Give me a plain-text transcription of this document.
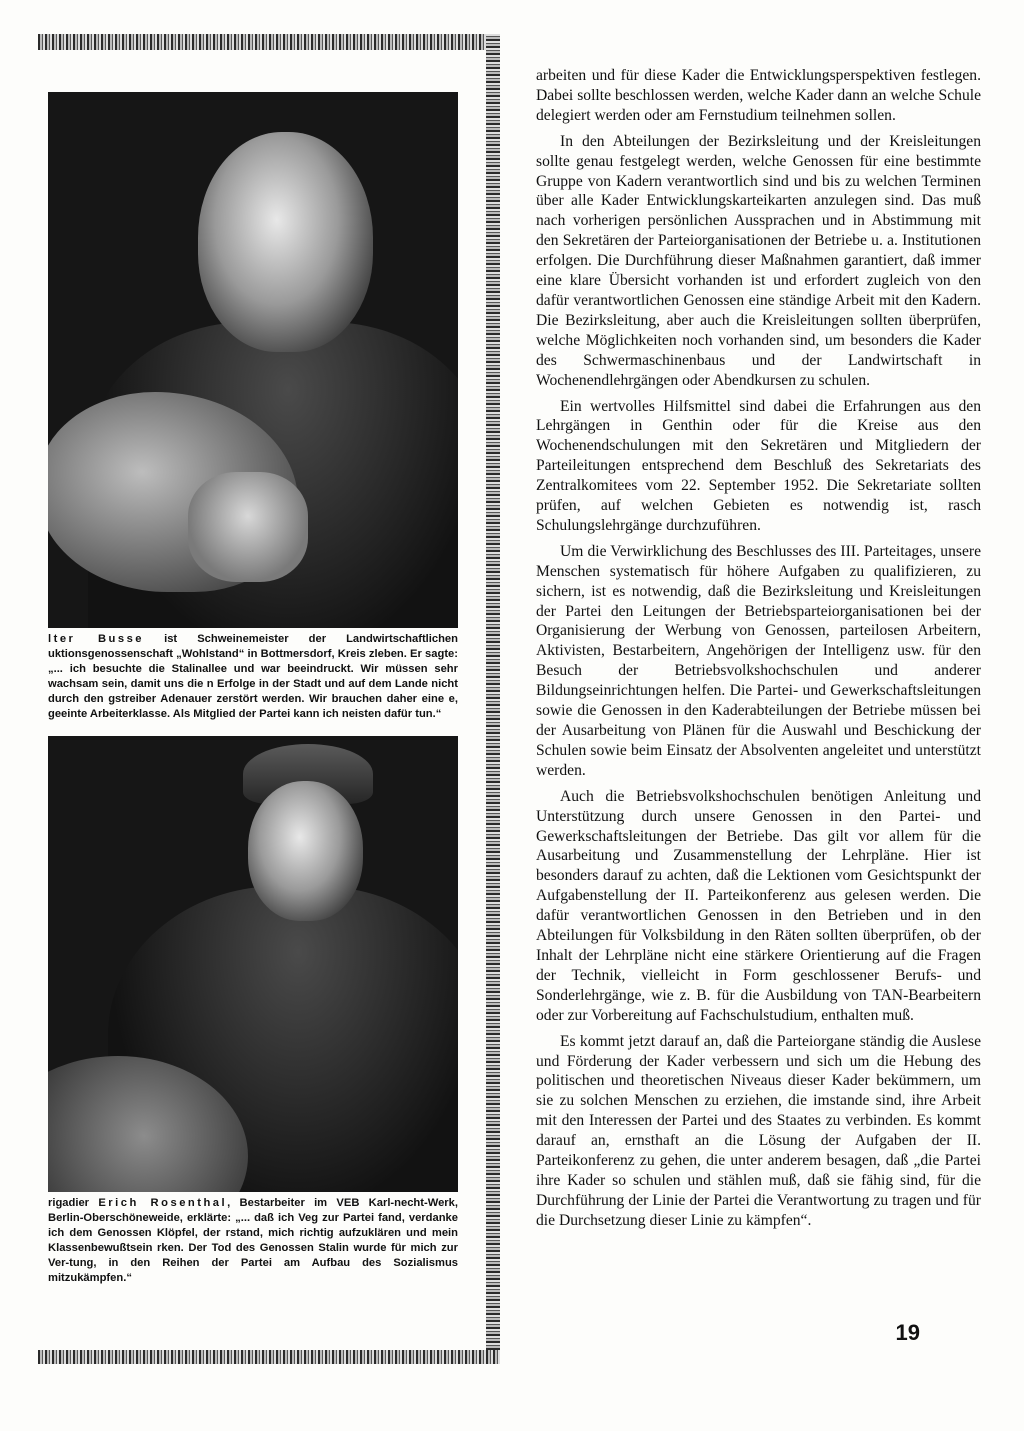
lter Busse ist Schweinemeister der Landwirtschaftlichen uktionsgenossenschaft „Wohlstand“ in Bottmersdorf, Kreis zleben. Er sagte: „... ich besuchte die Stalinallee und war beeindruckt. Wir müssen sehr wachsam sein, damit uns die n Erfolge in der Stadt und auf dem Lande nicht durch den gstreiber Adenauer zerstört werden. Wir brauchen daher eine e, geeinte Arbeiterklasse. Als Mitglied der Partei kann ich neisten dafür tun.“
rigadier Erich Rosenthal, Bestarbeiter im VEB Karl-necht-Werk, Berlin-Oberschöneweide, erklärte: „... daß ich Veg zur Partei fand, verdanke ich dem Genossen Klöpfel, der rstand, mich richtig aufzuklären und mein Klassenbewußtsein rken. Der Tod des Genossen Stalin wurde für mich zur Ver-tung, in den Reihen der Partei am Aufbau des Sozialismus mitzukämpfen.“

arbeiten und für diese Kader die Entwicklungsperspektiven festlegen. Dabei sollte beschlossen werden, welche Kader dann an welche Schule delegiert werden oder am Fernstudium teilnehmen sollen.

In den Abteilungen der Bezirksleitung und der Kreisleitungen sollte genau festgelegt werden, welche Genossen für eine bestimmte Gruppe von Kadern verantwortlich sind und bis zu welchen Terminen über alle Kader Entwicklungskarteikarten anzulegen sind. Das muß nach vorherigen persönlichen Aussprachen und in Abstimmung mit den Sekretären der Parteiorganisationen der Betriebe u. a. Institutionen erfolgen. Die Durchführung dieser Maßnahmen garantiert, daß immer eine klare Übersicht vorhanden ist und erfordert zugleich von den dafür verantwortlichen Genossen eine ständige Arbeit mit den Kadern. Die Bezirksleitung, aber auch die Kreisleitungen sollten überprüfen, welche Möglichkeiten noch vorhanden sind, um besonders die Kader des Schwermaschinenbaus und der Landwirtschaft in Wochenendlehrgängen oder Abendkursen zu schulen.

Ein wertvolles Hilfsmittel sind dabei die Erfahrungen aus den Lehrgängen in Genthin oder für die Kreise aus den Wochenendschulungen mit den Sekretären und Mitgliedern der Parteileitungen entsprechend dem Beschluß des Sekretariats des Zentralkomitees vom 22. September 1952. Die Sekretariate sollten prüfen, auf welchen Gebieten es notwendig ist, rasch Schulungslehrgänge durchzuführen.

Um die Verwirklichung des Beschlusses des III. Parteitages, unsere Menschen systematisch für höhere Aufgaben zu qualifizieren, zu sichern, ist es notwendig, daß die Bezirksleitung und Kreisleitungen der Partei den Leitungen der Betriebsparteiorganisationen bei der Organisierung der Werbung von Genossen, parteilosen Arbeitern, Aktivisten, Bestarbeitern, Angehörigen der Intelligenz usw. für den Besuch der Betriebsvolkshochschulen und anderer Bildungseinrichtungen helfen. Die Partei- und Gewerkschaftsleitungen sowie die Genossen in den Kaderabteilungen der Betriebe müssen bei der Ausarbeitung von Plänen für die Auswahl und Beschickung der Schulen sowie beim Einsatz der Absolventen angeleitet und unterstützt werden.

Auch die Betriebsvolkshochschulen benötigen Anleitung und Unterstützung durch unsere Genossen in den Partei- und Gewerkschaftsleitungen der Betriebe. Das gilt vor allem für die Ausarbeitung und Zusammenstellung der Lehrpläne. Hier ist besonders darauf zu achten, daß die Lektionen vom Gesichtspunkt der Aufgabenstellung der II. Parteikonferenz aus gelesen werden. Die dafür verantwortlichen Genossen in den Betrieben und in den Abteilungen für Volksbildung in den Räten sollten überprüfen, ob der Inhalt der Lehrpläne nicht eine stärkere Orientierung auf die Fragen der Technik, vielleicht in Form geschlossener Berufs- und Sonderlehrgänge, wie z. B. für die Ausbildung von TAN-Bearbeitern oder zur Vorbereitung auf Fachschulstudium, enthalten muß.

Es kommt jetzt darauf an, daß die Parteiorgane ständig die Auslese und Förderung der Kader verbessern und sich um die Hebung des politischen und theoretischen Niveaus dieser Kader bekümmern, um sie zu solchen Menschen zu erziehen, die imstande sind, ihre Arbeit mit den Interessen der Partei und des Staates zu verbinden. Es kommt darauf an, ernsthaft an die Lösung der Aufgaben der II. Parteikonferenz zu gehen, die unter anderem besagen, daß „die Partei ihre Kader so schulen und stählen muß, daß sie fähig sind, für die Durchführung der Linie der Partei die Verantwortung zu tragen und für die Durchsetzung dieser Linie zu kämpfen“.

19
